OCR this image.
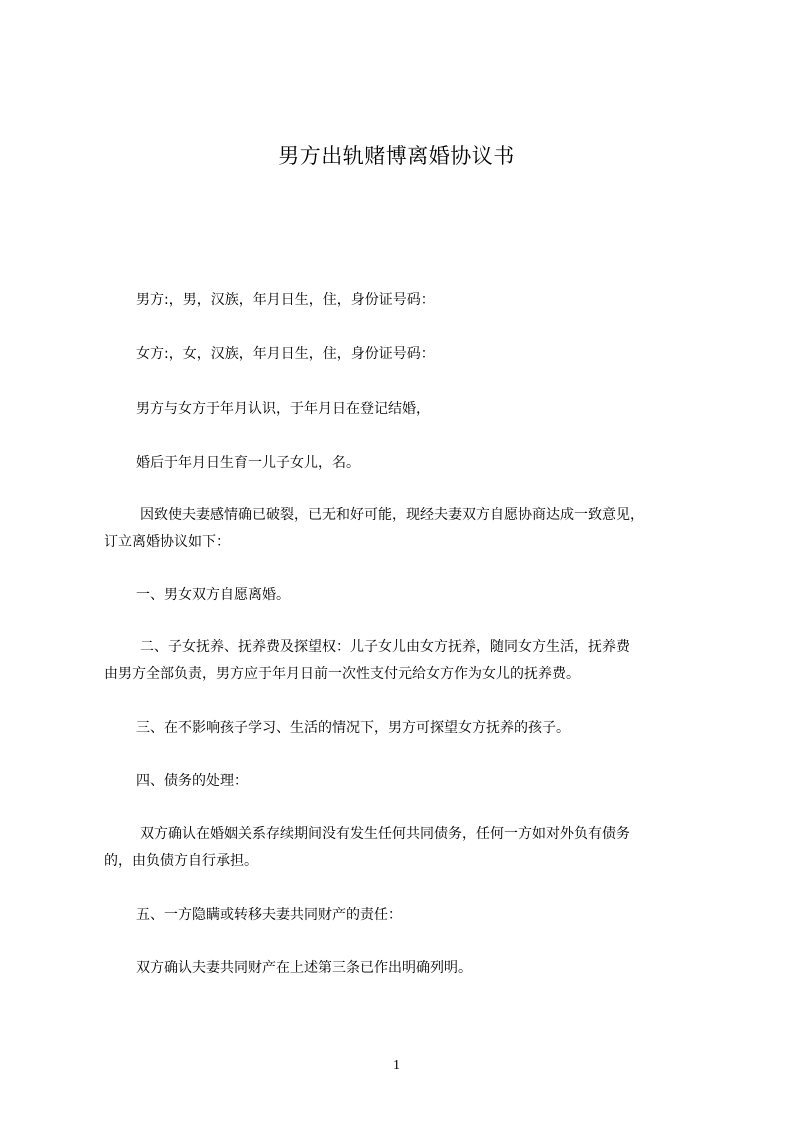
男方出轨赌博离婚协议书
男方:，男，汉族，年月日生，住，身份证号码：
女方:，女，汉族，年月日生，住，身份证号码：
男方与女方于年月认识，于年月日在登记结婚，
婚后于年月日生育一儿子女儿，名。
因致使夫妻感情确已破裂，已无和好可能，现经夫妻双方自愿协商达成一致意见，
订立离婚协议如下：
一、男女双方自愿离婚。
二、子女抚养、抚养费及探望权：儿子女儿由女方抚养，随同女方生活，抚养费
由男方全部负责，男方应于年月日前一次性支付元给女方作为女儿的抚养费。
三、在不影响孩子学习、生活的情况下，男方可探望女方抚养的孩子。
四、债务的处理：
双方确认在婚姻关系存续期间没有发生任何共同债务，任何一方如对外负有债务
的，由负债方自行承担。
五、一方隐瞒或转移夫妻共同财产的责任：
双方确认夫妻共同财产在上述第三条已作出明确列明。
1
